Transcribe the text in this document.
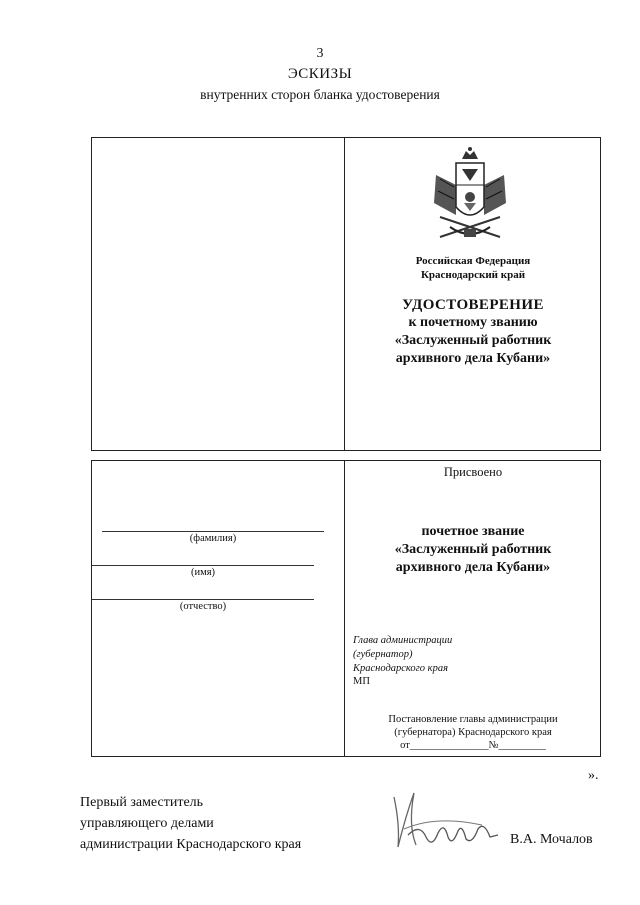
3
ЭСКИЗЫ
внутренних сторон бланка удостоверения
Российская Федерация
Краснодарский край
УДОСТОВЕРЕНИЕ
к почетному званию
«Заслуженный работник
архивного дела Кубани»
(фамилия)
(имя)
(отчество)
Присвоено
почетное звание
«Заслуженный работник
архивного дела Кубани»
Глава администрации
(губернатор)
Краснодарского края
МП
Постановление главы администрации
(губернатора) Краснодарского края
от_______________№_________
».
Первый заместитель
управляющего делами
администрации Краснодарского края	В.А. Мочалов
